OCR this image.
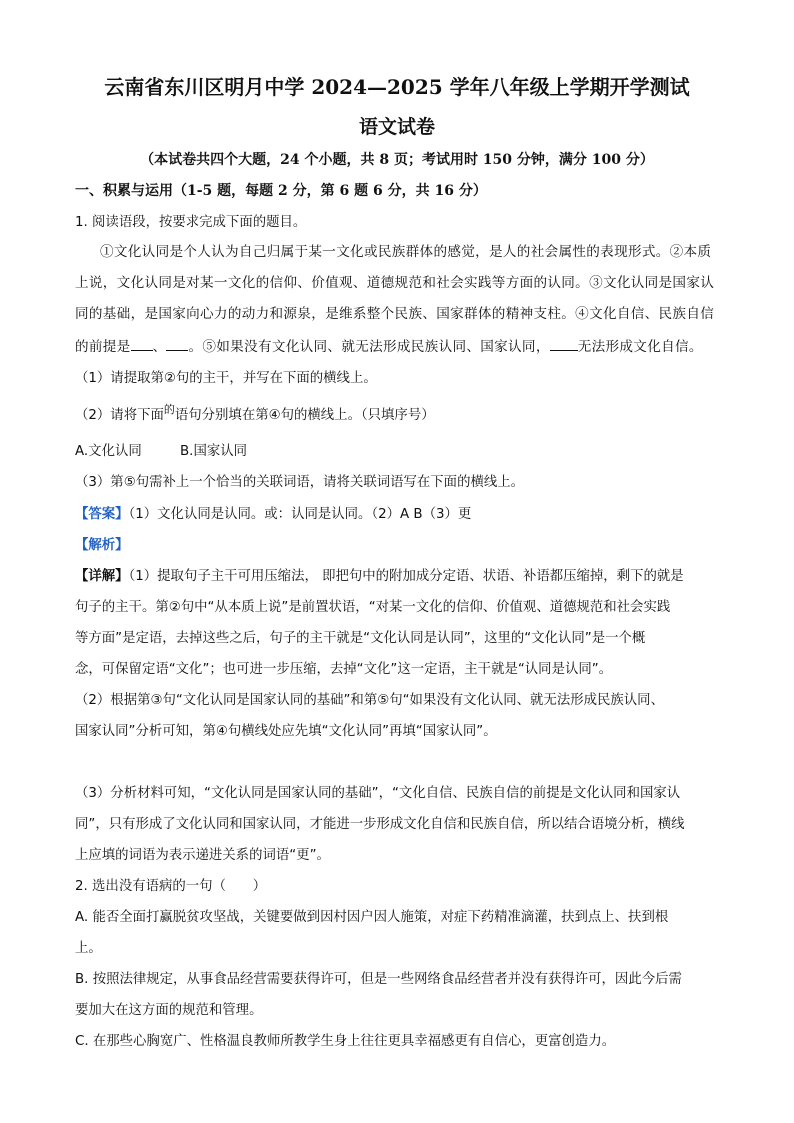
云南省东川区明月中学 2024—2025 学年八年级上学期开学测试
语文试卷
（本试卷共四个大题，24 个小题，共 8 页；考试用时 150 分钟，满分 100 分）
一、积累与运用（1-5 题，每题 2 分，第 6 题 6 分，共 16 分）
1. 阅读语段，按要求完成下面的题目。
①文化认同是个人认为自己归属于某一文化或民族群体的感觉，是人的社会属性的表现形式。②本质
上说，文化认同是对某一文化的信仰、价值观、道德规范和社会实践等方面的认同。③文化认同是国家认
同的基础，是国家向心力的动力和源泉，是维系整个民族、国家群体的精神支柱。④文化自信、民族自信
的前提是 、 。⑤如果没有文化认同、就无法形成民族认同、国家认同， 无法形成文化自信。
（1）请提取第②句的主干，并写在下面的横线上。
（2）请将下面$^的$语句分别填在第④句的横线上。（只填序号）
A.文化认同	B.国家认同
（3）第⑤句需补上一个恰当的关联词语，请将关联词语写在下面的横线上。
【答案】（1）文化认同是认同。或：认同是认同。（2）A B（3）更
【解析】
【详解】（1）提取句子主干可用压缩法， 即把句中的附加成分定语、状语、补语都压缩掉，剩下的就是
句子的主干。第②句中“从本质上说”是前置状语，“对某一文化的信仰、价值观、道德规范和社会实践
等方面”是定语，去掉这些之后，句子的主干就是“文化认同是认同”，这里的“文化认同”是一个概
念，可保留定语“文化”；也可进一步压缩，去掉“文化”这一定语，主干就是“认同是认同”。
（2）根据第③句“文化认同是国家认同的基础”和第⑤句“如果没有文化认同、就无法形成民族认同、
国家认同”分析可知，第④句横线处应先填“文化认同”再填“国家认同”。
（3）分析材料可知，“文化认同是国家认同的基础”，“文化自信、民族自信的前提是文化认同和国家认
同”，只有形成了文化认同和国家认同，才能进一步形成文化自信和民族自信，所以结合语境分析，横线
上应填的词语为表示递进关系的词语“更”。
2. 选出没有语病的一句（　　）
A. 能否全面打赢脱贫攻坚战，关键要做到因村因户因人施策，对症下药精准滴灌，扶到点上、扶到根
上。
B. 按照法律规定，从事食品经营需要获得许可，但是一些网络食品经营者并没有获得许可，因此今后需
要加大在这方面的规范和管理。
C. 在那些心胸宽广、性格温良教师所教学生身上往往更具幸福感更有自信心，更富创造力。
